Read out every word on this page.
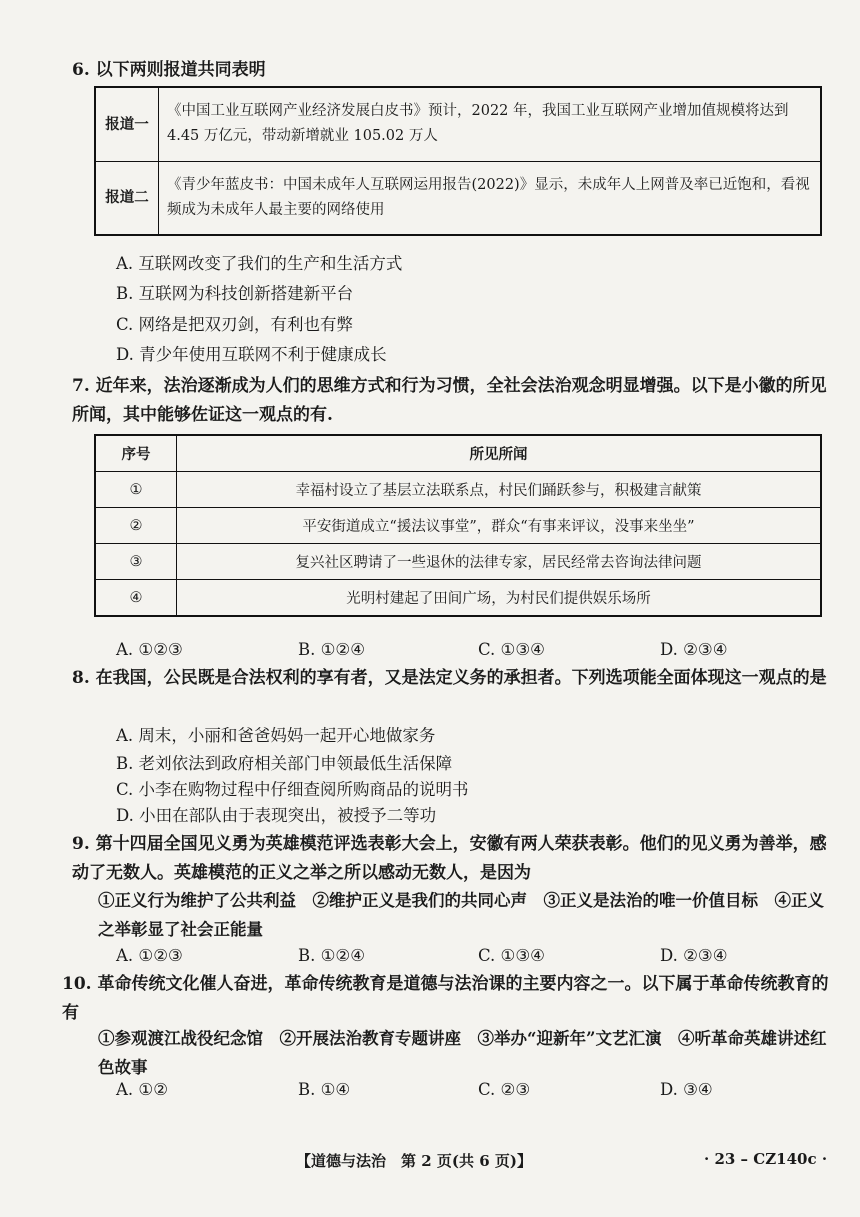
6. 以下两则报道共同表明
报道一	《中国工业互联网产业经济发展白皮书》预计，2022 年，我国工业互联网产业增加值规模将达到 4.45 万亿元，带动新增就业 105.02 万人
报道二	《青少年蓝皮书：中国未成年人互联网运用报告(2022)》显示，未成年人上网普及率已近饱和，看视频成为未成年人最主要的网络使用
A. 互联网改变了我们的生产和生活方式
B. 互联网为科技创新搭建新平台
C. 网络是把双刃剑，有利也有弊
D. 青少年使用互联网不利于健康成长
7. 近年来，法治逐渐成为人们的思维方式和行为习惯，全社会法治观念明显增强。以下是小徽的所见所闻，其中能够佐证这一观点的有.
序号	所见所闻
①	幸福村设立了基层立法联系点，村民们踊跃参与，积极建言献策
②	平安街道成立“援法议事堂”，群众“有事来评议，没事来坐坐”
③	复兴社区聘请了一些退休的法律专家，居民经常去咨询法律问题
④	光明村建起了田间广场，为村民们提供娱乐场所
A. ①②③	B. ①②④	C. ①③④	D. ②③④
8. 在我国，公民既是合法权利的享有者，又是法定义务的承担者。下列选项能全面体现这一观点的是
A. 周末，小丽和爸爸妈妈一起开心地做家务
B. 老刘依法到政府相关部门申领最低生活保障
C. 小李在购物过程中仔细查阅所购商品的说明书
D. 小田在部队由于表现突出，被授予二等功
9. 第十四届全国见义勇为英雄模范评选表彰大会上，安徽有两人荣获表彰。他们的见义勇为善举，感动了无数人。英雄模范的正义之举之所以感动无数人，是因为
①正义行为维护了公共利益　②维护正义是我们的共同心声　③正义是法治的唯一价值目标　④正义之举彰显了社会正能量
A. ①②③	B. ①②④	C. ①③④	D. ②③④
10. 革命传统文化催人奋进，革命传统教育是道德与法治课的主要内容之一。以下属于革命传统教育的有
①参观渡江战役纪念馆　②开展法治教育专题讲座　③举办“迎新年”文艺汇演　④听革命英雄讲述红色故事
A. ①②	B. ①④	C. ②③	D. ③④
【道德与法治　第 2 页(共 6 页)】	· 23 – CZ140c ·
